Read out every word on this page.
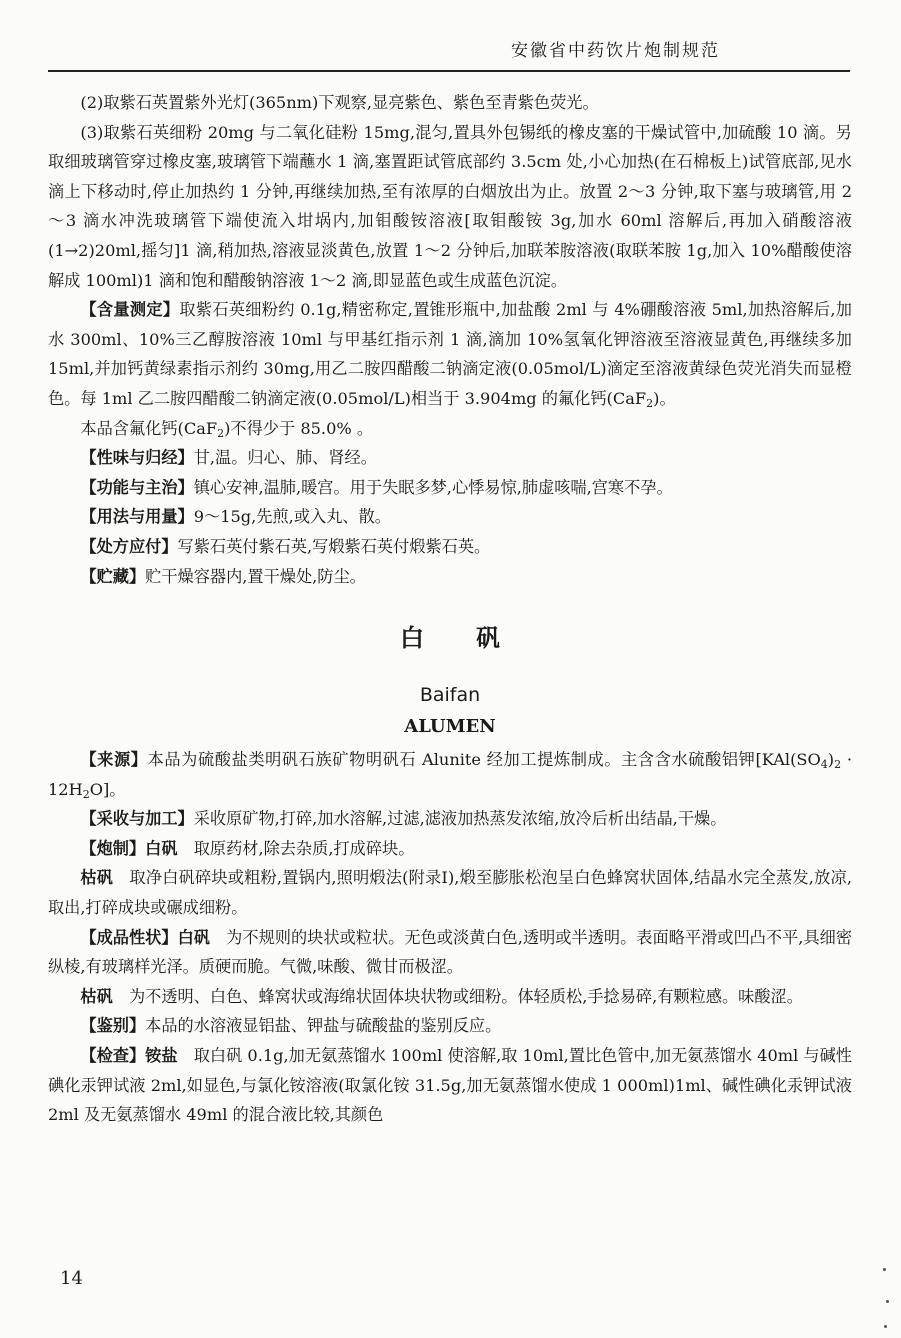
安徽省中药饮片炮制规范

(2)取紫石英置紫外光灯(365nm)下观察,显亮紫色、紫色至青紫色荧光。

(3)取紫石英细粉 20mg 与二氧化硅粉 15mg,混匀,置具外包锡纸的橡皮塞的干燥试管中,加硫酸 10 滴。另取细玻璃管穿过橡皮塞,玻璃管下端蘸水 1 滴,塞置距试管底部约 3.5cm 处,小心加热(在石棉板上)试管底部,见水滴上下移动时,停止加热约 1 分钟,再继续加热,至有浓厚的白烟放出为止。放置 2～3 分钟,取下塞与玻璃管,用 2～3 滴水冲洗玻璃管下端使流入坩埚内,加钼酸铵溶液[取钼酸铵 3g,加水 60ml 溶解后,再加入硝酸溶液(1→2)20ml,摇匀]1 滴,稍加热,溶液显淡黄色,放置 1～2 分钟后,加联苯胺溶液(取联苯胺 1g,加入 10%醋酸使溶解成 100ml)1 滴和饱和醋酸钠溶液 1～2 滴,即显蓝色或生成蓝色沉淀。

【含量测定】取紫石英细粉约 0.1g,精密称定,置锥形瓶中,加盐酸 2ml 与 4%硼酸溶液 5ml,加热溶解后,加水 300ml、10%三乙醇胺溶液 10ml 与甲基红指示剂 1 滴,滴加 10%氢氧化钾溶液至溶液显黄色,再继续多加 15ml,并加钙黄绿素指示剂约 30mg,用乙二胺四醋酸二钠滴定液(0.05mol/L)滴定至溶液黄绿色荧光消失而显橙色。每 1ml 乙二胺四醋酸二钠滴定液(0.05mol/L)相当于 3.904mg 的氟化钙(CaF$_2$)。

本品含氟化钙(CaF$_2$)不得少于 85.0% 。

【性味与归经】甘,温。归心、肺、肾经。

【功能与主治】镇心安神,温肺,暖宫。用于失眠多梦,心悸易惊,肺虚咳喘,宫寒不孕。

【用法与用量】9～15g,先煎,或入丸、散。

【处方应付】写紫石英付紫石英,写煅紫石英付煅紫石英。

【贮藏】贮干燥容器内,置干燥处,防尘。

白矾
Baifan
ALUMEN

【来源】本品为硫酸盐类明矾石族矿物明矾石 Alunite 经加工提炼制成。主含含水硫酸铝钾$[KAl(SO_4)_2 \cdot 12H_2O]$。

【采收与加工】采收原矿物,打碎,加水溶解,过滤,滤液加热蒸发浓缩,放冷后析出结晶,干燥。

【炮制】白矾　取原药材,除去杂质,打成碎块。

枯矾　取净白矾碎块或粗粉,置锅内,照明煅法(附录Ⅰ),煅至膨胀松泡呈白色蜂窝状固体,结晶水完全蒸发,放凉,取出,打碎成块或碾成细粉。

【成品性状】白矾　为不规则的块状或粒状。无色或淡黄白色,透明或半透明。表面略平滑或凹凸不平,具细密纵棱,有玻璃样光泽。质硬而脆。气微,味酸、微甘而极涩。

枯矾　为不透明、白色、蜂窝状或海绵状固体块状物或细粉。体轻质松,手捻易碎,有颗粒感。味酸涩。

【鉴别】本品的水溶液显铝盐、钾盐与硫酸盐的鉴别反应。

【检查】铵盐　取白矾 0.1g,加无氨蒸馏水 100ml 使溶解,取 10ml,置比色管中,加无氨蒸馏水 40ml 与碱性碘化汞钾试液 2ml,如显色,与氯化铵溶液(取氯化铵 31.5g,加无氨蒸馏水使成 1 000ml)1ml、碱性碘化汞钾试液 2ml 及无氨蒸馏水 49ml 的混合液比较,其颜色

14
